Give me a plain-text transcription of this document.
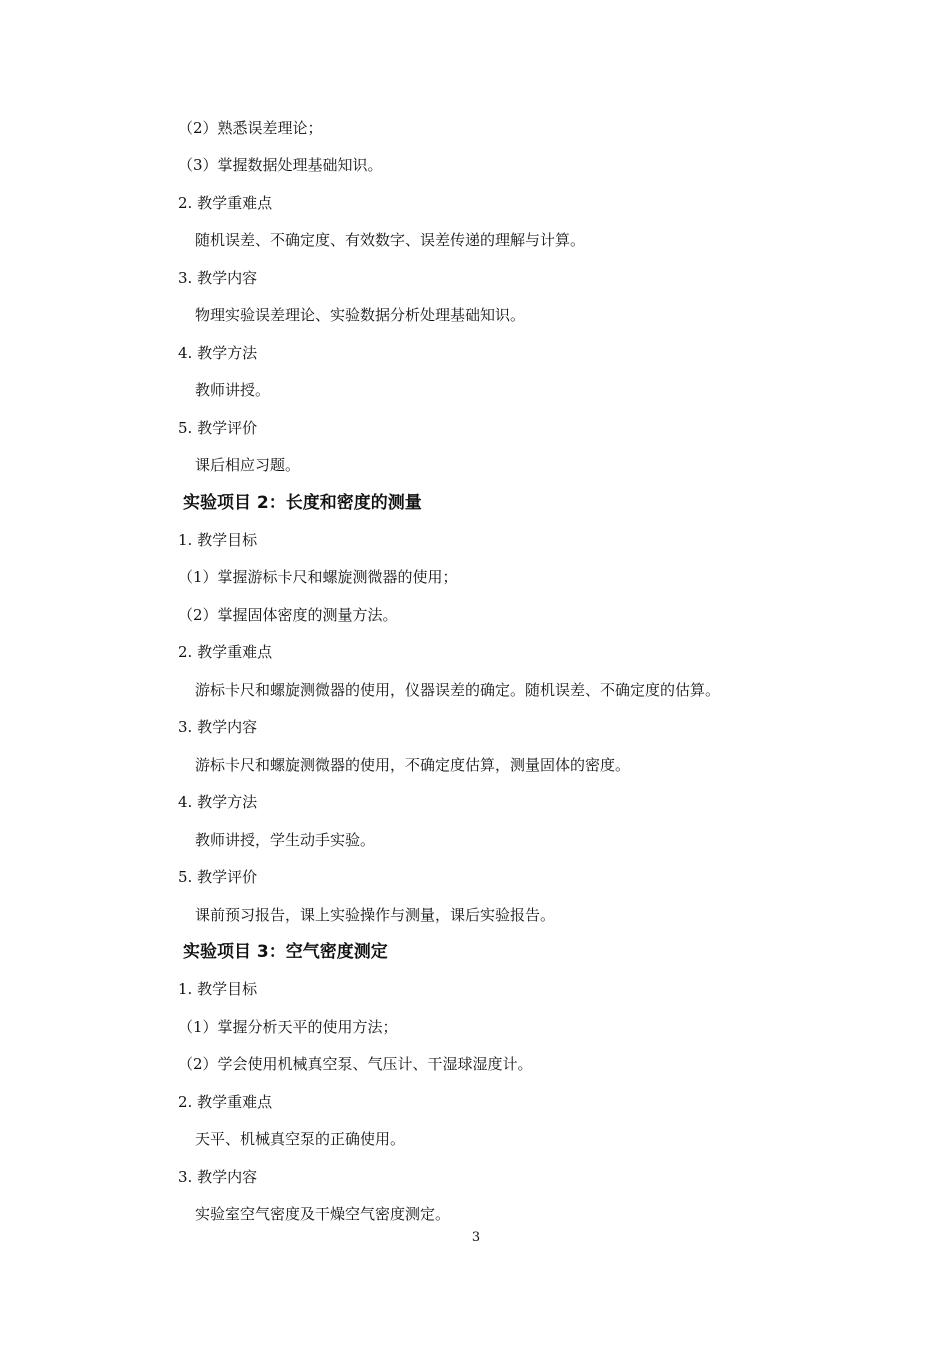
（2）熟悉误差理论；
（3）掌握数据处理基础知识。
2. 教学重难点
随机误差、不确定度、有效数字、误差传递的理解与计算。
3. 教学内容
物理实验误差理论、实验数据分析处理基础知识。
4. 教学方法
教师讲授。
5. 教学评价
课后相应习题。
实验项目 2：长度和密度的测量
1. 教学目标
（1）掌握游标卡尺和螺旋测微器的使用；
（2）掌握固体密度的测量方法。
2. 教学重难点
游标卡尺和螺旋测微器的使用，仪器误差的确定。随机误差、不确定度的估算。
3. 教学内容
游标卡尺和螺旋测微器的使用，不确定度估算，测量固体的密度。
4. 教学方法
教师讲授，学生动手实验。
5. 教学评价
课前预习报告，课上实验操作与测量，课后实验报告。
实验项目 3：空气密度测定
1. 教学目标
（1）掌握分析天平的使用方法；
（2）学会使用机械真空泵、气压计、干湿球湿度计。
2. 教学重难点
天平、机械真空泵的正确使用。
3. 教学内容
实验室空气密度及干燥空气密度测定。
3
